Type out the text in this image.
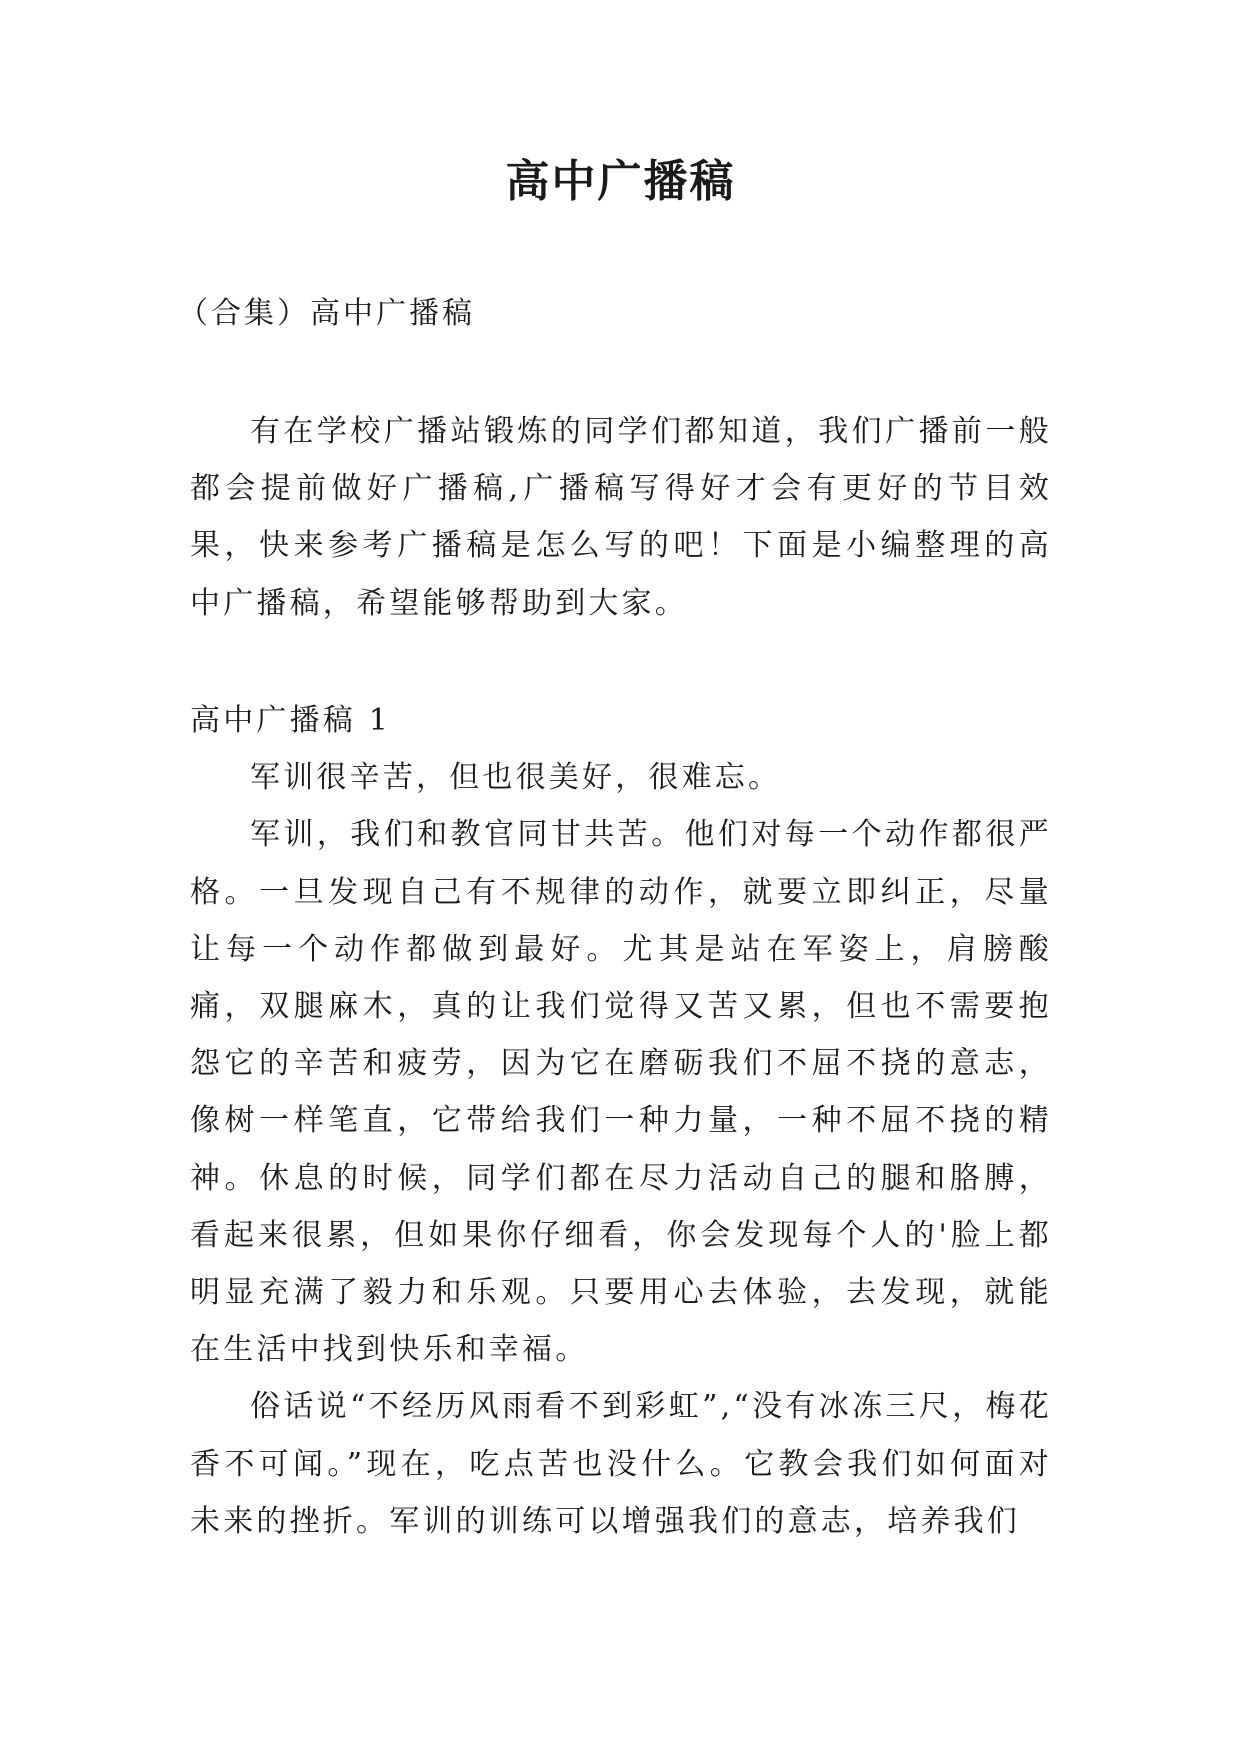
高中广播稿
（合集）高中广播稿

有在学校广播站锻炼的同学们都知道，我们广播前一般都会提前做好广播稿,广播稿写得好才会有更好的节目效果，快来参考广播稿是怎么写的吧！下面是小编整理的高中广播稿，希望能够帮助到大家。

高中广播稿 1

军训很辛苦，但也很美好，很难忘。

军训，我们和教官同甘共苦。他们对每一个动作都很严格。一旦发现自己有不规律的动作，就要立即纠正，尽量让每一个动作都做到最好。尤其是站在军姿上，肩膀酸痛，双腿麻木，真的让我们觉得又苦又累，但也不需要抱怨它的辛苦和疲劳，因为它在磨砺我们不屈不挠的意志，像树一样笔直，它带给我们一种力量，一种不屈不挠的精神。休息的时候，同学们都在尽力活动自己的腿和胳膊，看起来很累，但如果你仔细看，你会发现每个人的'脸上都明显充满了毅力和乐观。只要用心去体验，去发现，就能在生活中找到快乐和幸福。

俗话说“不经历风雨看不到彩虹”,“没有冰冻三尺，梅花香不可闻。”现在，吃点苦也没什么。它教会我们如何面对未来的挫折。军训的训练可以增强我们的意志，培养我们
